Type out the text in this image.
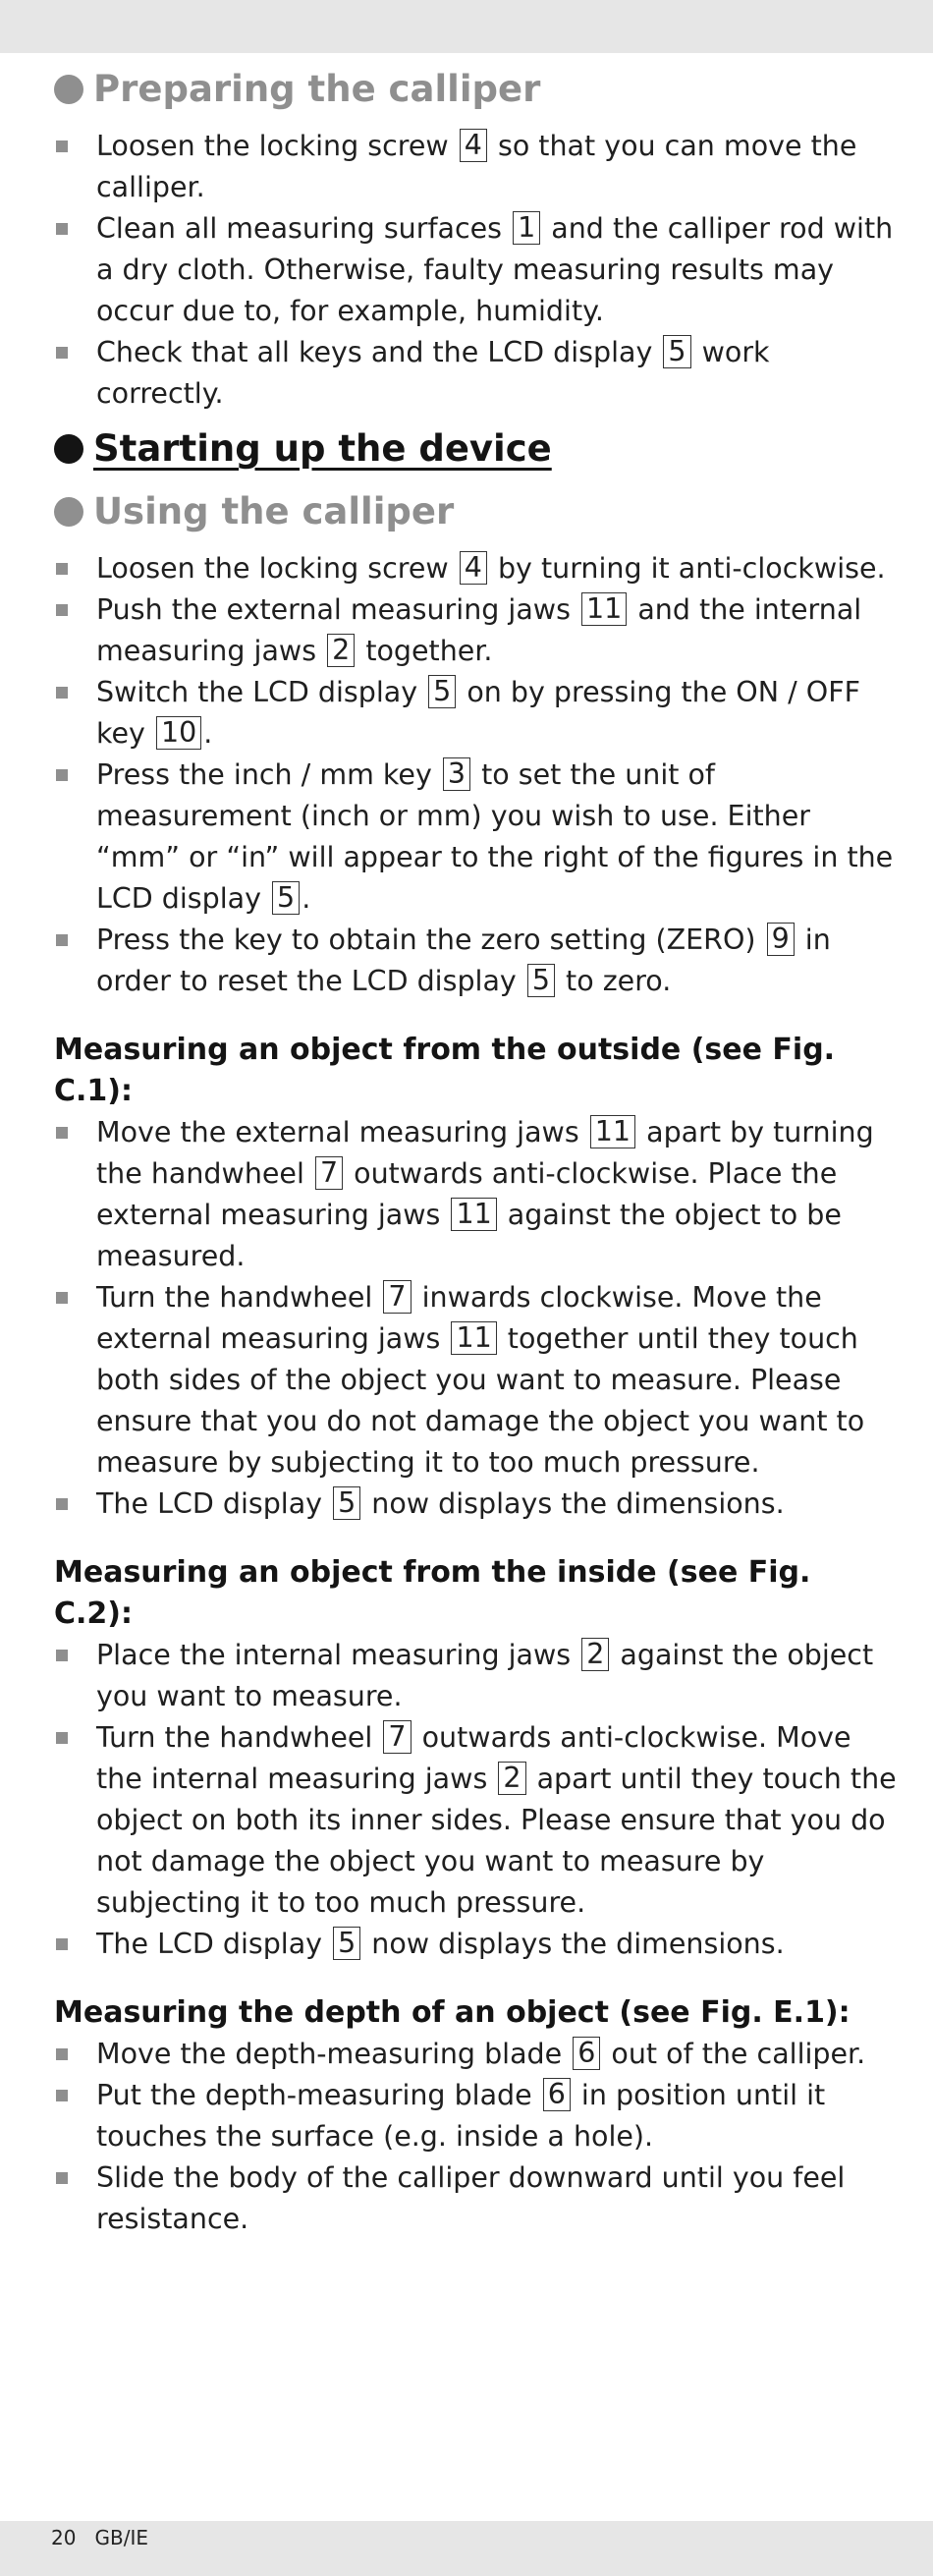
Preparing the calliper
Loosen the locking screw 4 so that you can move the calliper.
Clean all measuring surfaces 1 and the calliper rod with a dry cloth. Otherwise, faulty measuring results may occur due to, for example, humidity.
Check that all keys and the LCD display 5 work correctly.
Starting up the device
Using the calliper
Loosen the locking screw 4 by turning it anti-clockwise.
Push the external measuring jaws 11 and the internal measuring jaws 2 together.
Switch the LCD display 5 on by pressing the ON / OFF key 10 .
Press the inch / mm key 3 to set the unit of measurement (inch or mm) you wish to use. Either “mm” or “in” will appear to the right of the figures in the LCD display 5 .
Press the key to obtain the zero setting (ZERO) 9 in order to reset the LCD display 5 to zero.
Measuring an object from the outside (see Fig. C.1):
Move the external measuring jaws 11 apart by turning the handwheel 7 outwards anti-clockwise. Place the external measuring jaws 11 against the object to be measured.
Turn the handwheel 7 inwards clockwise. Move the external measuring jaws 11 together until they touch both sides of the object you want to measure. Please ensure that you do not damage the object you want to measure by subjecting it to too much pressure.
The LCD display 5 now displays the dimensions.
Measuring an object from the inside (see Fig. C.2):
Place the internal measuring jaws 2 against the object you want to measure.
Turn the handwheel 7 outwards anti-clockwise. Move the internal measuring jaws 2 apart until they touch the object on both its inner sides. Please ensure that you do not damage the object you want to measure by subjecting it to too much pressure.
The LCD display 5 now displays the dimensions.
Measuring the depth of an object (see Fig. E.1):
Move the depth-measuring blade 6 out of the calliper.
Put the depth-measuring blade 6 in position until it touches the surface (e.g. inside a hole).
Slide the body of the calliper downward until you feel resistance.
20 GB/IE
